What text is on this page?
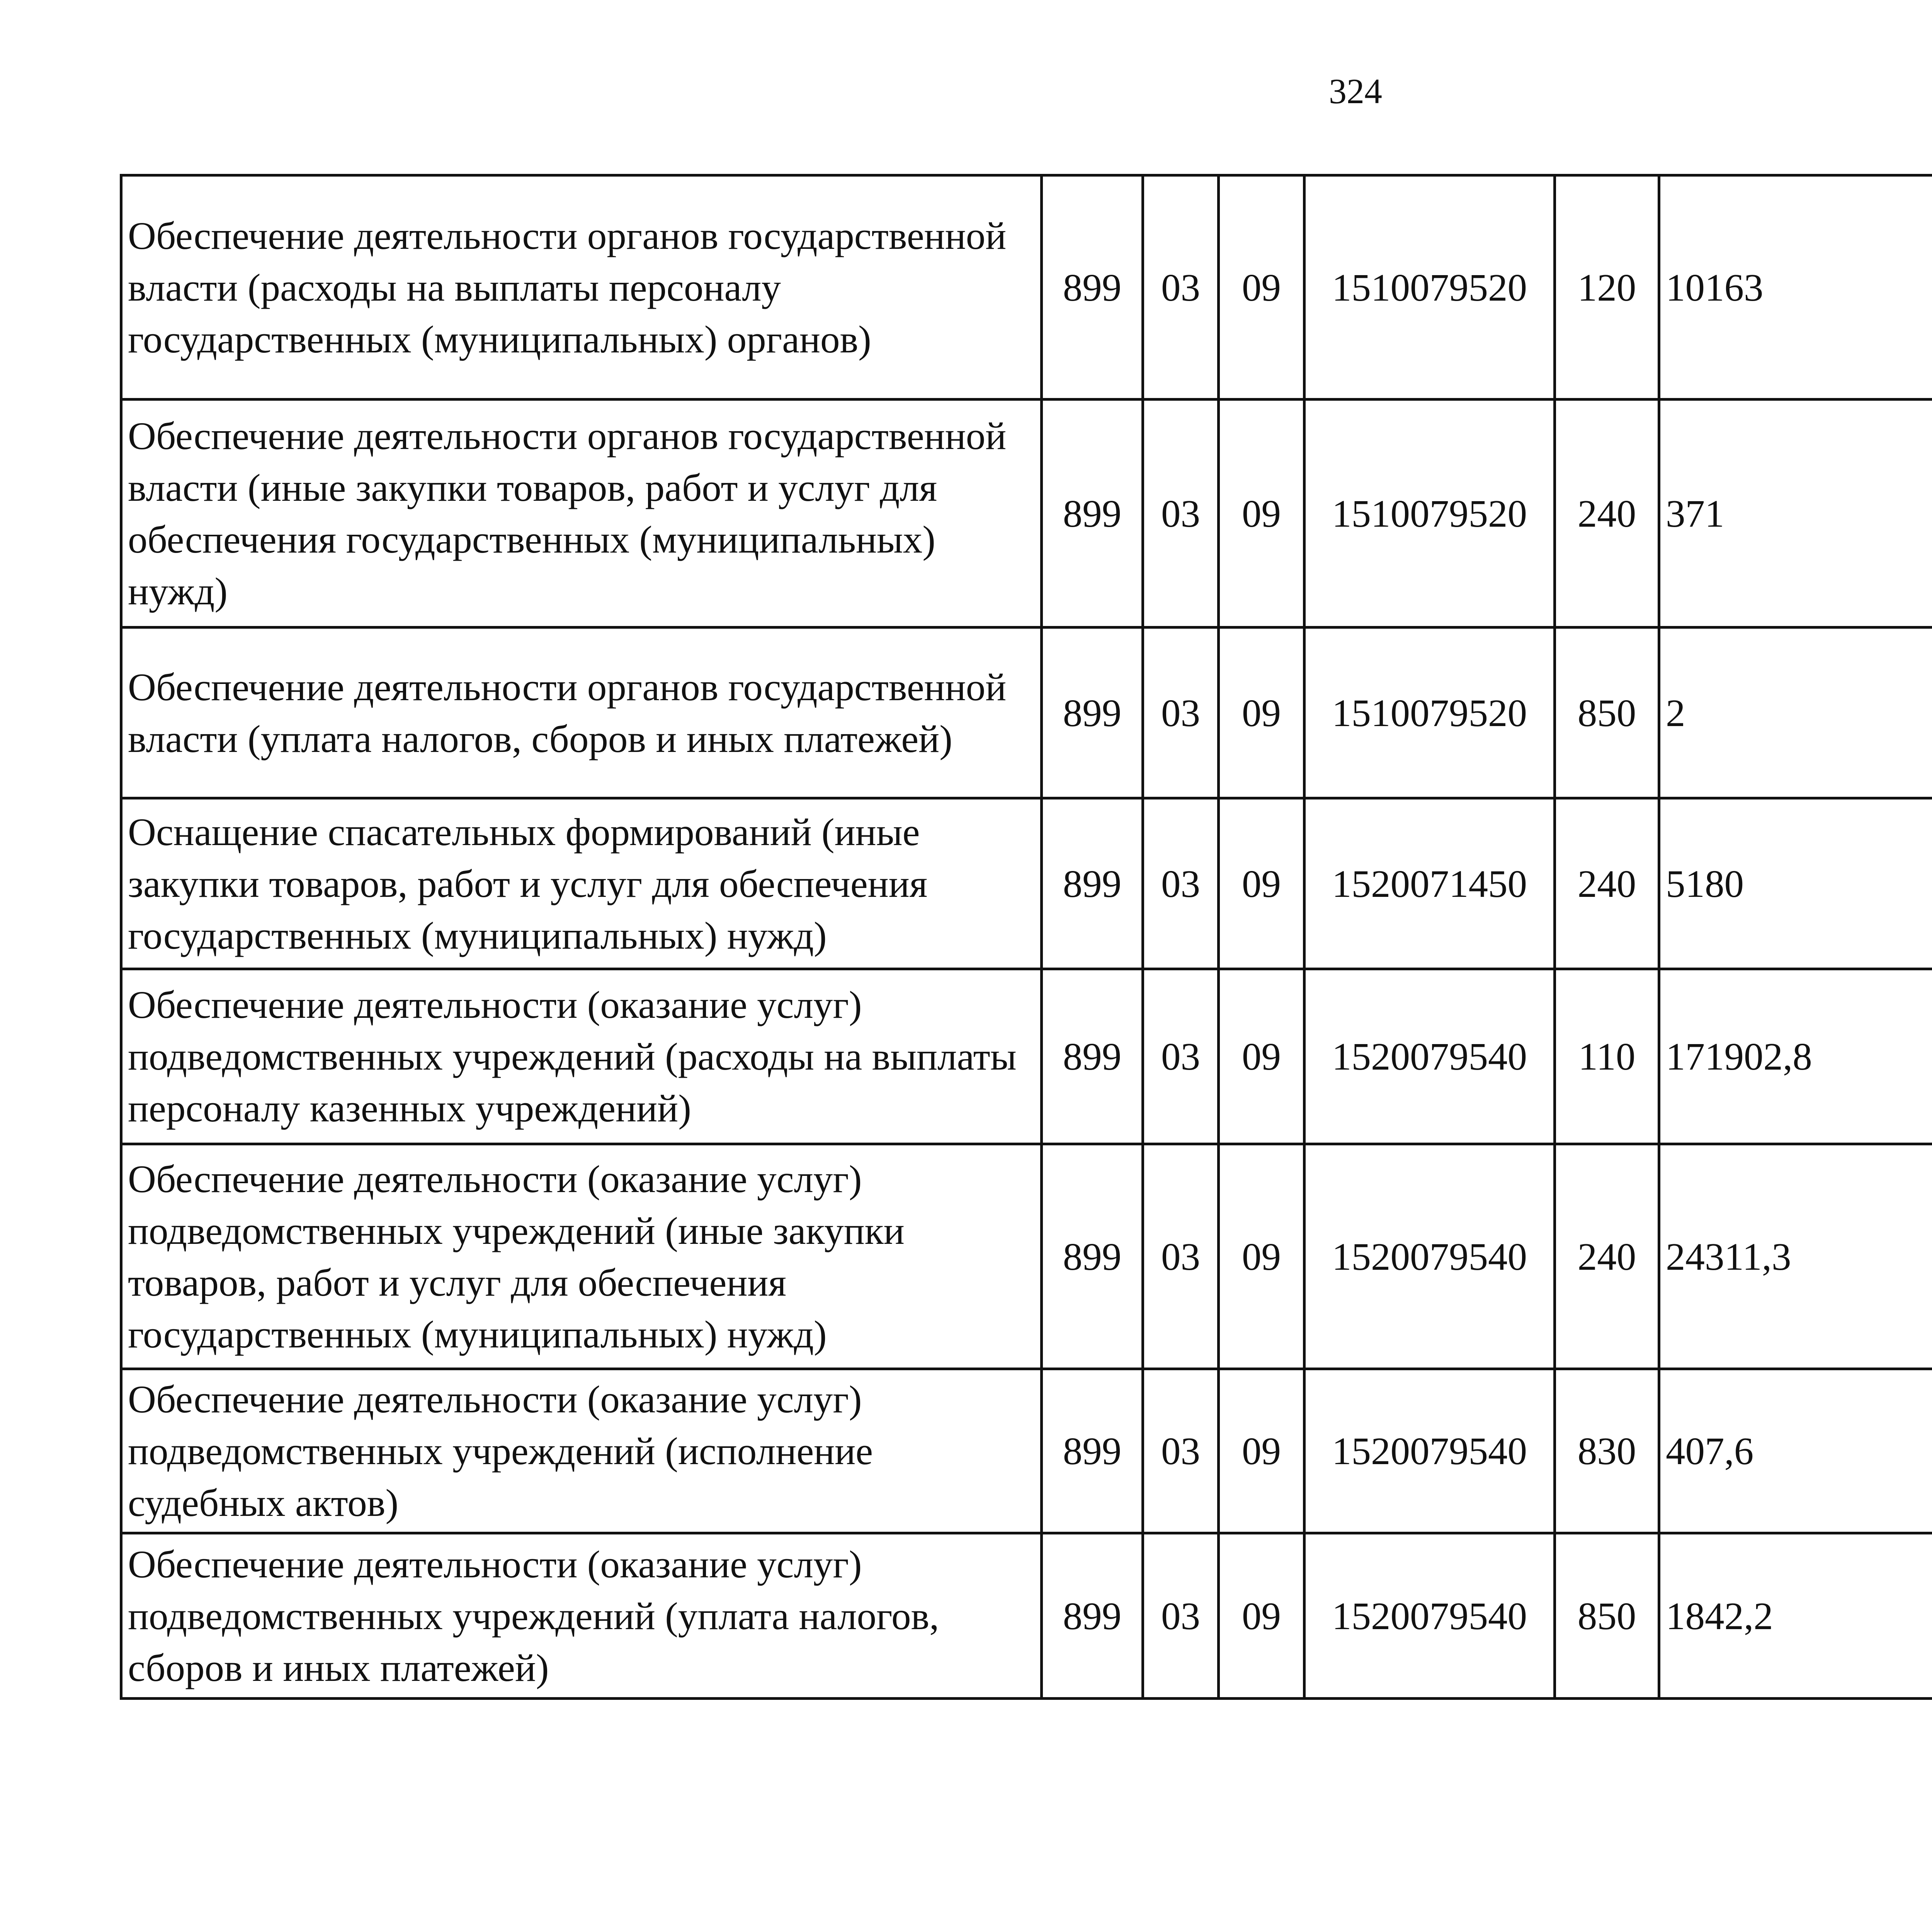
324
Обеспечение деятельности органов государственной власти (расходы на выплаты персоналу государственных (муниципальных) органов)	899	03	09	1510079520	120	10163		
Обеспечение деятельности органов государственной власти (иные закупки товаров, работ и услуг для обеспечения государственных (муниципальных) нужд)	899	03	09	1510079520	240	371		
Обеспечение деятельности органов государственной власти (уплата налогов, сборов и иных платежей)	899	03	09	1510079520	850	2		
Оснащение спасательных формирований (иные закупки товаров, работ и услуг для обеспечения государственных (муниципальных) нужд)	899	03	09	1520071450	240	5180		
Обеспечение деятельности (оказание услуг) подведомственных учреждений (расходы на выплаты персоналу казенных учреждений)	899	03	09	1520079540	110	171902,8		
Обеспечение деятельности (оказание услуг) подведомственных учреждений (иные закупки товаров, работ и услуг для обеспечения государственных (муниципальных) нужд)	899	03	09	1520079540	240	24311,3		
Обеспечение деятельности (оказание услуг) подведомственных учреждений (исполнение судебных актов)	899	03	09	1520079540	830	407,6		
Обеспечение деятельности (оказание услуг) подведомственных учреждений (уплата налогов, сборов и иных платежей)	899	03	09	1520079540	850	1842,2		
